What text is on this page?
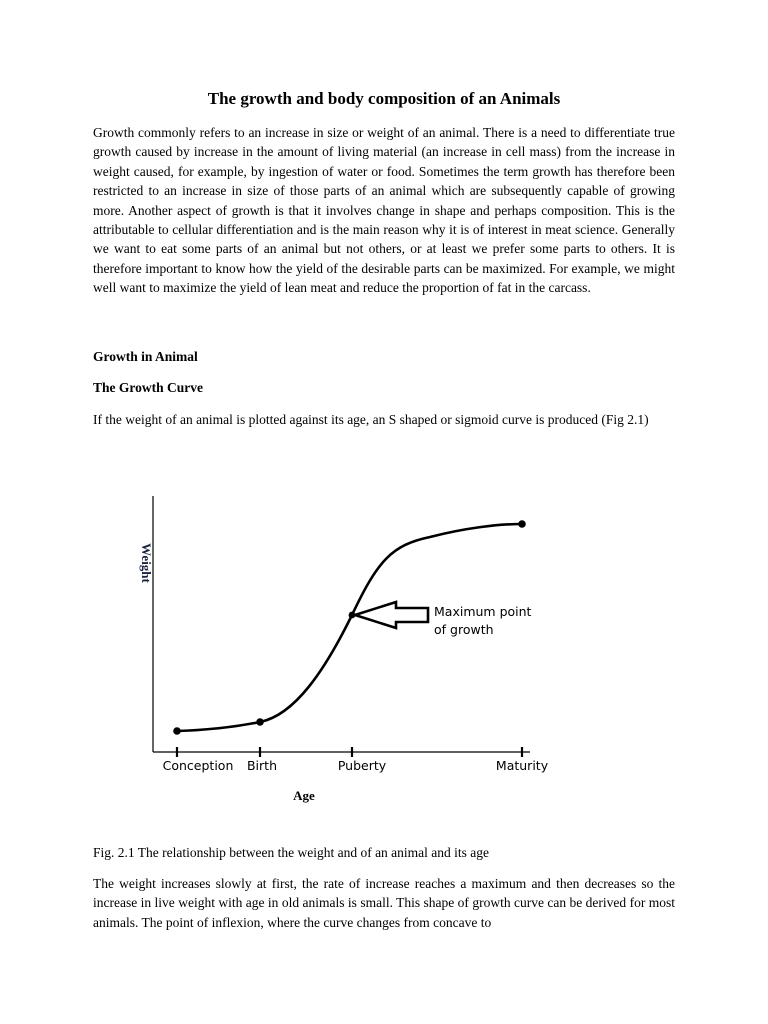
The growth and body composition of an Animals

Growth commonly refers to an increase in size or weight of an animal. There is a need to differentiate true growth caused by increase in the amount of living material (an increase in cell mass) from the increase in weight caused, for example, by ingestion of water or food. Sometimes the term growth has therefore been restricted to an increase in size of those parts of an animal which are subsequently capable of growing more. Another aspect of growth is that it involves change in shape and perhaps composition. This is the attributable to cellular differentiation and is the main reason why it is of interest in meat science. Generally we want to eat some parts of an animal but not others, or at least we prefer some parts to others. It is therefore important to know how the yield of the desirable parts can be maximized. For example, we might well want to maximize the yield of lean meat and reduce the proportion of fat in the carcass.

Growth in Animal

The Growth Curve

If the weight of an animal is plotted against its age, an S shaped or sigmoid curve is produced (Fig 2.1)

Fig. 2.1 The relationship between the weight and of an animal and its age

The weight increases slowly at first, the rate of increase reaches a maximum and then decreases so the increase in live weight with age in old animals is small. This shape of growth curve can be derived for most animals. The point of inflexion, where the curve changes from concave to

Conception Birth	Puberty	Maturity
Maximum point
of growth
Weight
Age
